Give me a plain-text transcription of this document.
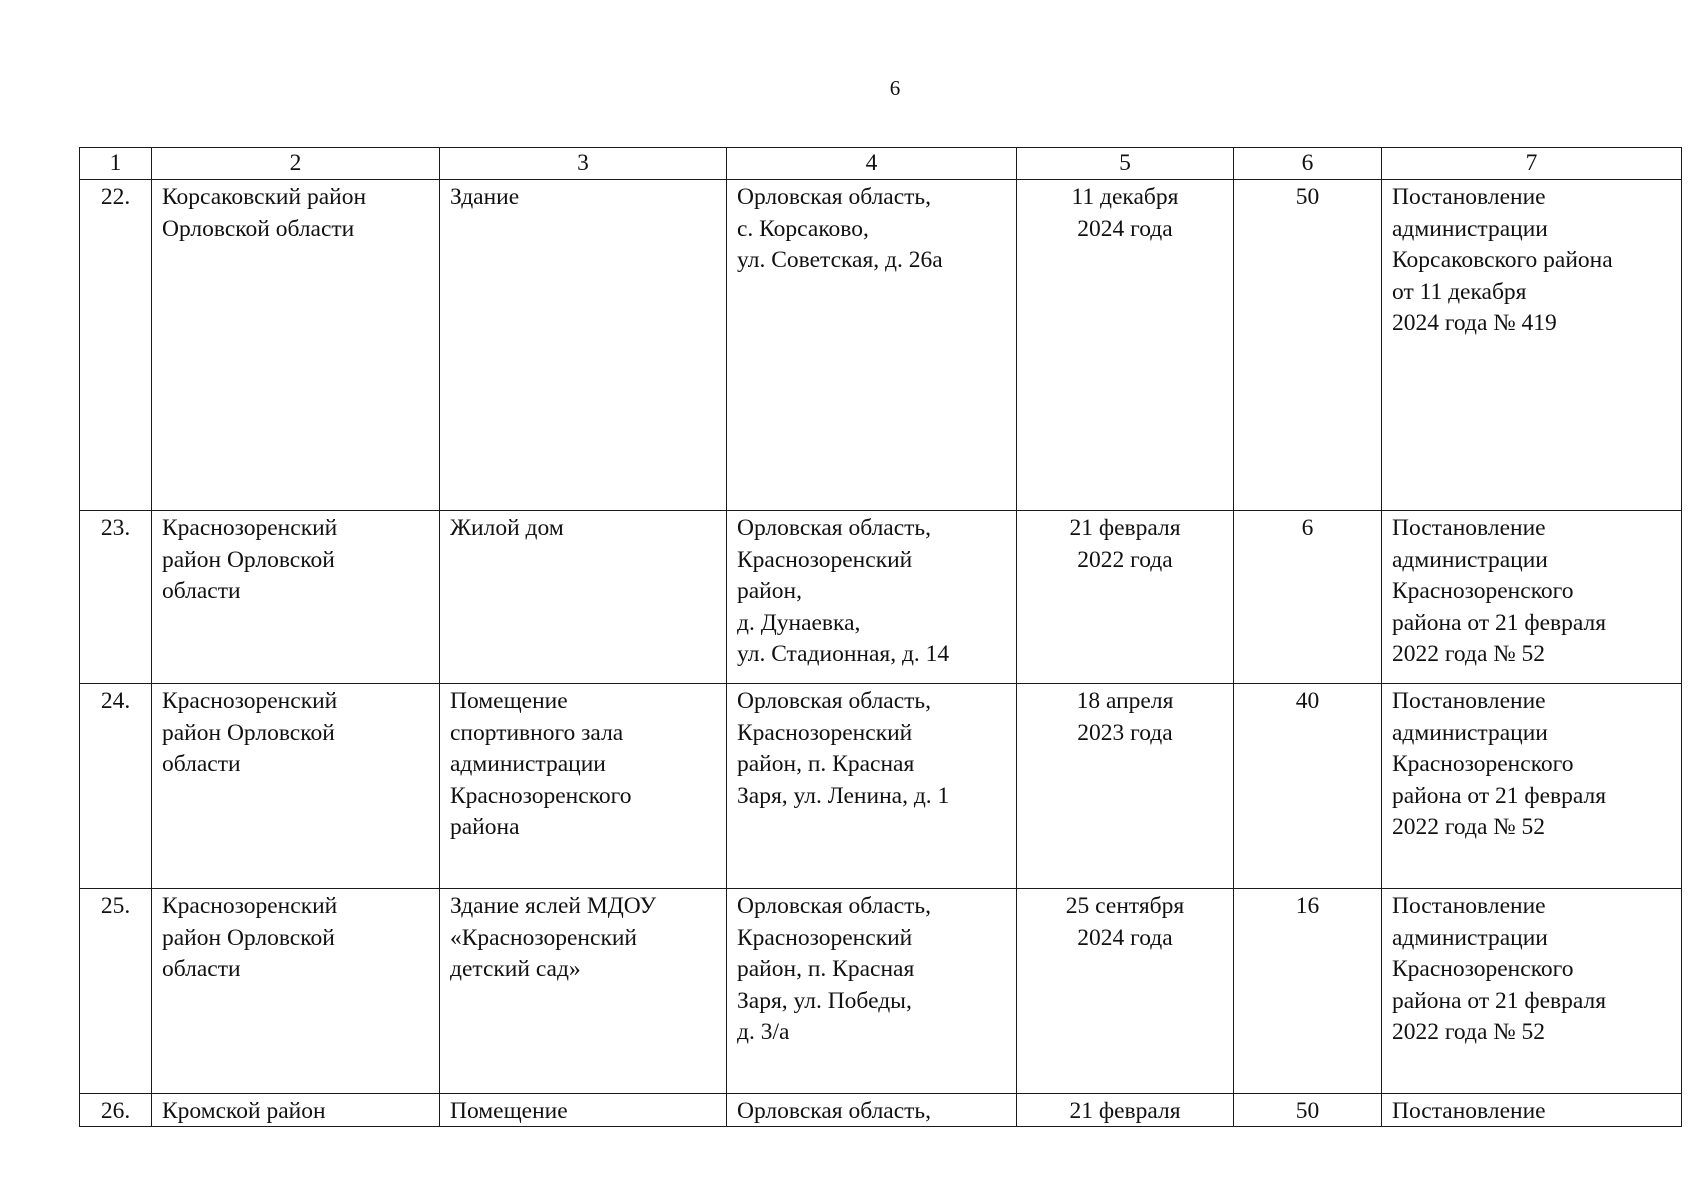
6
1	2	3	4	5	6	7

22.	Корсаковский район
Орловской области	Здание	Орловская область,
с. Корсаково,
ул. Советская, д. 26а	11 декабря
2024 года	50	Постановление
администрации
Корсаковского района
от 11 декабря
2024 года № 419

23.	Краснозоренский
район Орловской
области	Жилой дом	Орловская область,
Краснозоренский
район,
д. Дунаевка,
ул. Стадионная, д. 14	21 февраля
2022 года	6	Постановление
администрации
Краснозоренского
района от 21 февраля
2022 года № 52

24.	Краснозоренский
район Орловской
области	Помещение
спортивного зала
администрации
Краснозоренского
района	Орловская область,
Краснозоренский
район, п. Красная
Заря, ул. Ленина, д. 1	18 апреля
2023 года	40	Постановление
администрации
Краснозоренского
района от 21 февраля
2022 года № 52

25.	Краснозоренский
район Орловской
области	Здание яслей МДОУ
«Краснозоренский
детский сад»	Орловская область,
Краснозоренский
район, п. Красная
Заря, ул. Победы,
д. 3/а	25 сентября
2024 года	16	Постановление
администрации
Краснозоренского
района от 21 февраля
2022 года № 52

26.	Кромской район	Помещение	Орловская область,	21 февраля	50	Постановление
